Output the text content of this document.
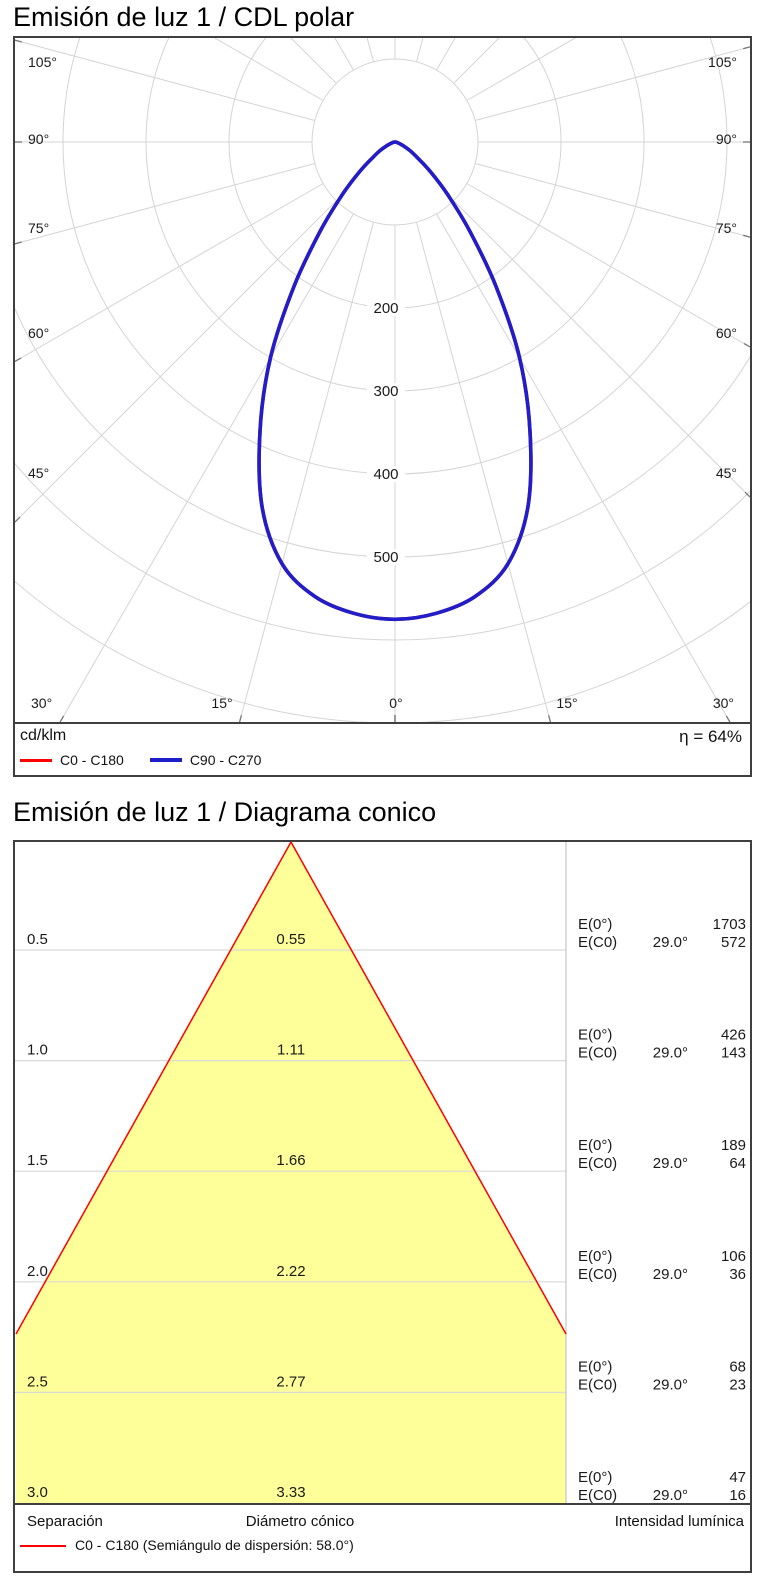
Emisión de luz 1 / CDL polar
200
300
400
500
105°
90°
75°
60°
45°
105°
90°
75°
60°
45°
30°	15°	0°	15°	30°
cd/klm	η = 64%
C0 - C180	C90 - C270
Emisión de luz 1 / Diagrama conico
0.5	0.55
E(0°)	1703
E(C0) 29.0° 572
1.0	1.11
E(0°)	426
E(C0) 29.0° 143
1.5	1.66
E(0°)	189
E(C0) 29.0°	64
2.0	2.22
E(0°)	106
E(C0) 29.0°	36
2.5	2.77
E(0°)	68
E(C0) 29.0°	23
3.0	3.33
E(0°)	47
E(C0) 29.0°	16
Separación	Diámetro cónico	Intensidad lumínica
C0 - C180 (Semiángulo de dispersión: 58.0°)
